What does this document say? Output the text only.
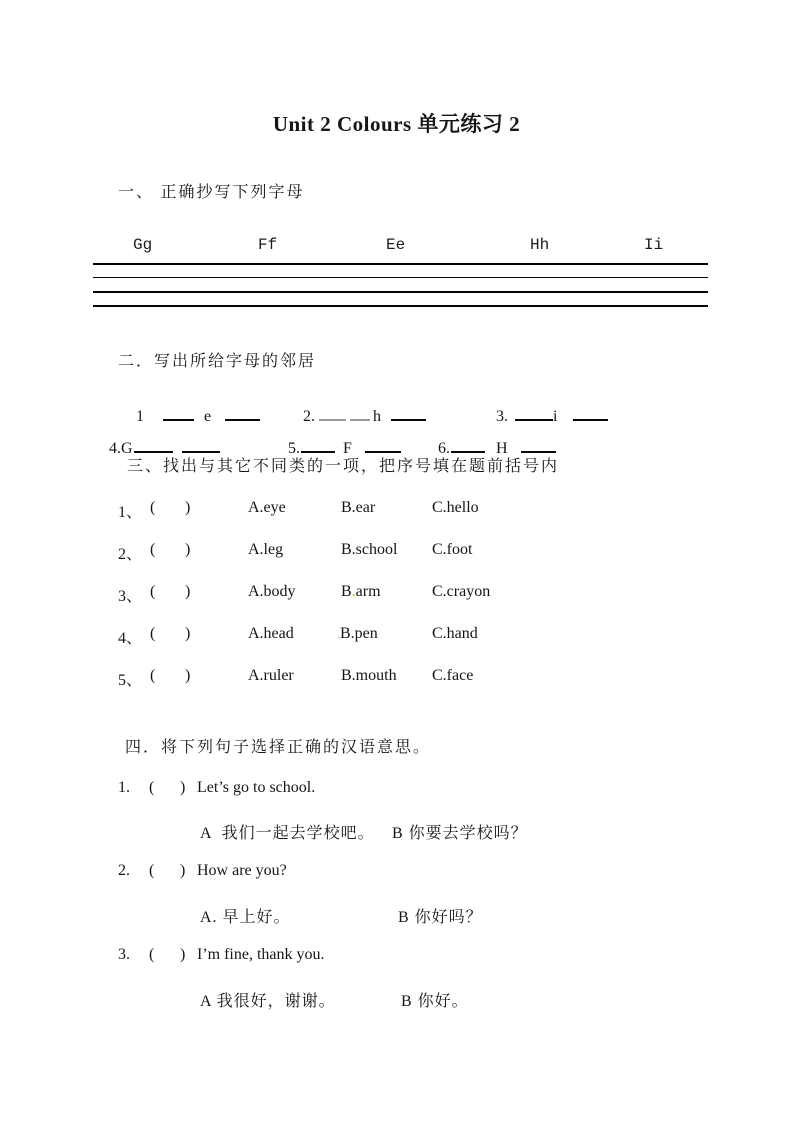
Unit 2 Colours 单元练习 2
一、 正确抄写下列字母
Gg	Ff	Ee	Hh	Ii
二．写出所给字母的邻居

1	e
	2.	h
	3.	i

4.G
	5.	F
	6.	H

三、找出与其它不同类的一项，把序号填在题前括号内
1、 ( )	A.eye	B.ear	C.hello
2、 ( )	A.leg	B.school C.foot
3、 ( )	A.body	B.arm	C.crayon
4、 ( )	A.head	.B.pen	C.hand
5、 ( )	A.ruler	B.mouth C.face
四．将下列句子选择正确的汉语意思。
1. ( ) Let’s go to school.
A  我们一起去学校吧。 B 你要去学校吗？
2. ( ) How are you?
A. 早上好。	B 你好吗？
3. ( ) I’m fine, thank you.
A 我很好，谢谢。	B 你好。
